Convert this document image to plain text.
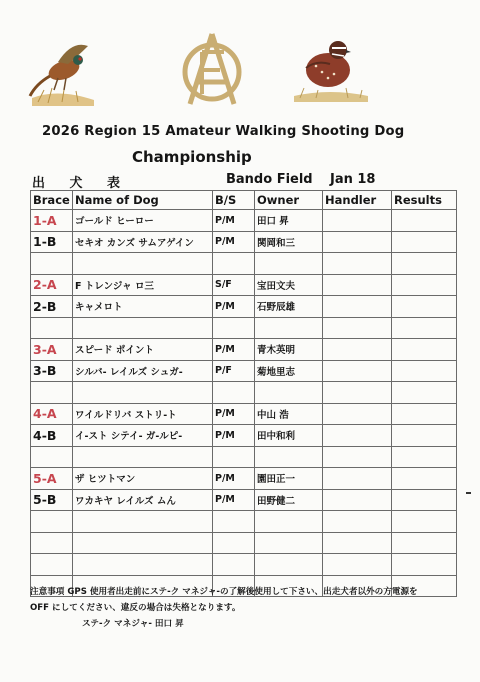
2026 Region 15 Amateur Walking Shooting Dog
Championship
出 犬 表	Bando Field Jan 18
Brace	Name of Dog	B/S	Owner	Handler	Results
1-A	ゴールド ヒーロー	P/M	田口 昇		
1-B	セキオ カンズ サムアゲイン	P/M	関岡和三		

2-A	F トレンジャ ロ三	S/F	宝田文夫		
2-B	キャメロト	P/M	石野辰雄		

3-A	スピード ポイント	P/M	青木英明		
3-B	シルバ- レイルズ シュガ-	P/F	菊地里志		

4-A	ワイルドリバ ストリ-ト	P/M	中山 浩		
4-B	イ-スト シテイ- ガ-ルピ-	P/M	田中和利		

5-A	ザ ヒツトマン	P/M	園田正一		
5-B	ワカキヤ レイルズ ムん	P/M	田野健二		

注意事項 GPS 使用者出走前にステ-ク マネジャ-の了解後使用して下さい、出走犬者以外の方電源を
OFF にしてください、違反の場合は失格となります。
ステ-ク マネジャ- 田口 昇
